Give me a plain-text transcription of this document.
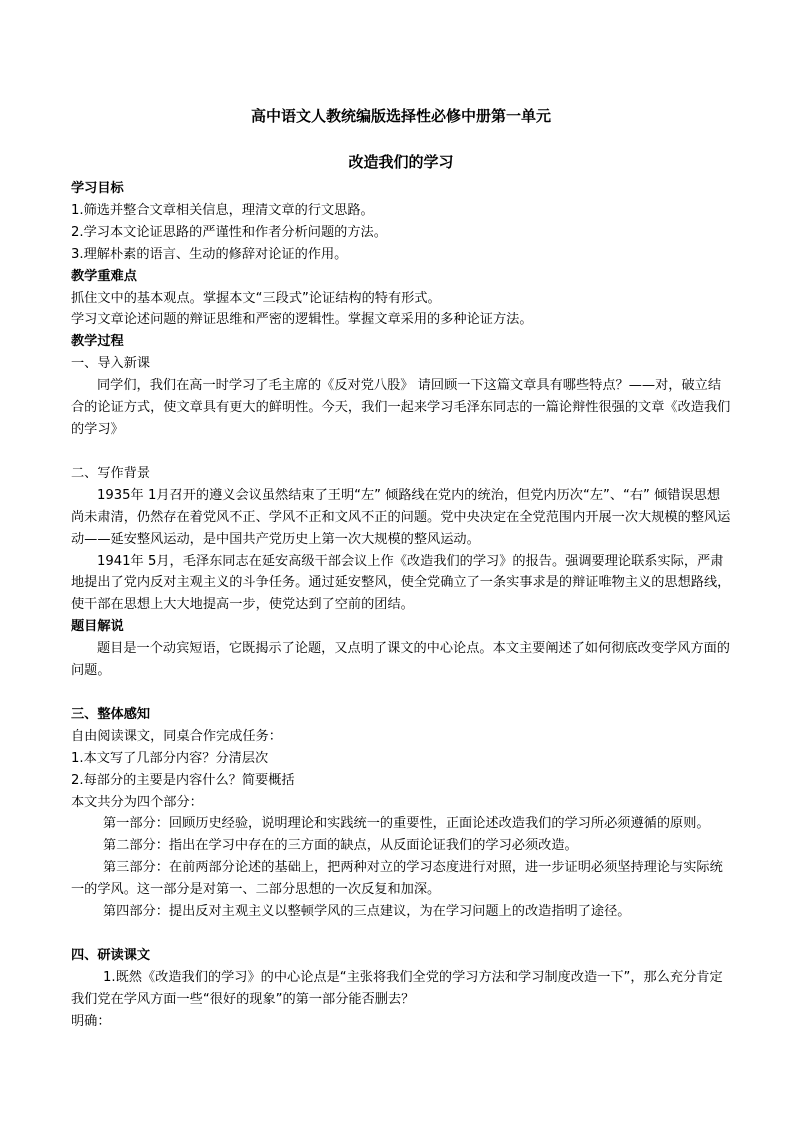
高中语文人教统编版选择性必修中册第一单元
改造我们的学习
学习目标
1.筛选并整合文章相关信息，理清文章的行文思路。
2.学习本文论证思路的严谨性和作者分析问题的方法。
3.理解朴素的语言、生动的修辞对论证的作用。
教学重难点
抓住文中的基本观点。掌握本文“三段式”论证结构的特有形式。
学习文章论述问题的辩证思维和严密的逻辑性。掌握文章采用的多种论证方法。
教学过程
一、导入新课
同学们，我们在高一时学习了毛主席的《反对党八股》 请回顾一下这篇文章具有哪些特点？——对，破立结合的论证方式，使文章具有更大的鲜明性。今天，我们一起来学习毛泽东同志的一篇论辩性很强的文章《改造我们的学习》
二、写作背景
1935年 1月召开的遵义会议虽然结束了王明“左” 倾路线在党内的统治，但党内历次“左”、“右” 倾错误思想尚未肃清，仍然存在着党风不正、学风不正和文风不正的问题。党中央决定在全党范围内开展一次大规模的整风运动——延安整风运动，是中国共产党历史上第一次大规模的整风运动。
1941年 5月，毛泽东同志在延安高级干部会议上作《改造我们的学习》的报告。强调要理论联系实际，严肃地提出了党内反对主观主义的斗争任务。通过延安整风，使全党确立了一条实事求是的辩证唯物主义的思想路线，使干部在思想上大大地提高一步，使党达到了空前的团结。
题目解说
题目是一个动宾短语，它既揭示了论题，又点明了课文的中心论点。本文主要阐述了如何彻底改变学风方面的问题。
三、整体感知
自由阅读课文，同桌合作完成任务：
1.本文写了几部分内容？分清层次
2.每部分的主要是内容什么？简要概括
本文共分为四个部分：
第一部分：回顾历史经验，说明理论和实践统一的重要性，正面论述改造我们的学习所必须遵循的原则。
第二部分：指出在学习中存在的三方面的缺点，从反面论证我们的学习必须改造。
第三部分：在前两部分论述的基础上，把两种对立的学习态度进行对照，进一步证明必须坚持理论与实际统一的学风。这一部分是对第一、二部分思想的一次反复和加深。
第四部分：提出反对主观主义以整顿学风的三点建议，为在学习问题上的改造指明了途径。
四、研读课文
1.既然《改造我们的学习》的中心论点是“主张将我们全党的学习方法和学习制度改造一下”，那么充分肯定我们党在学风方面一些“很好的现象”的第一部分能否删去？
明确：
